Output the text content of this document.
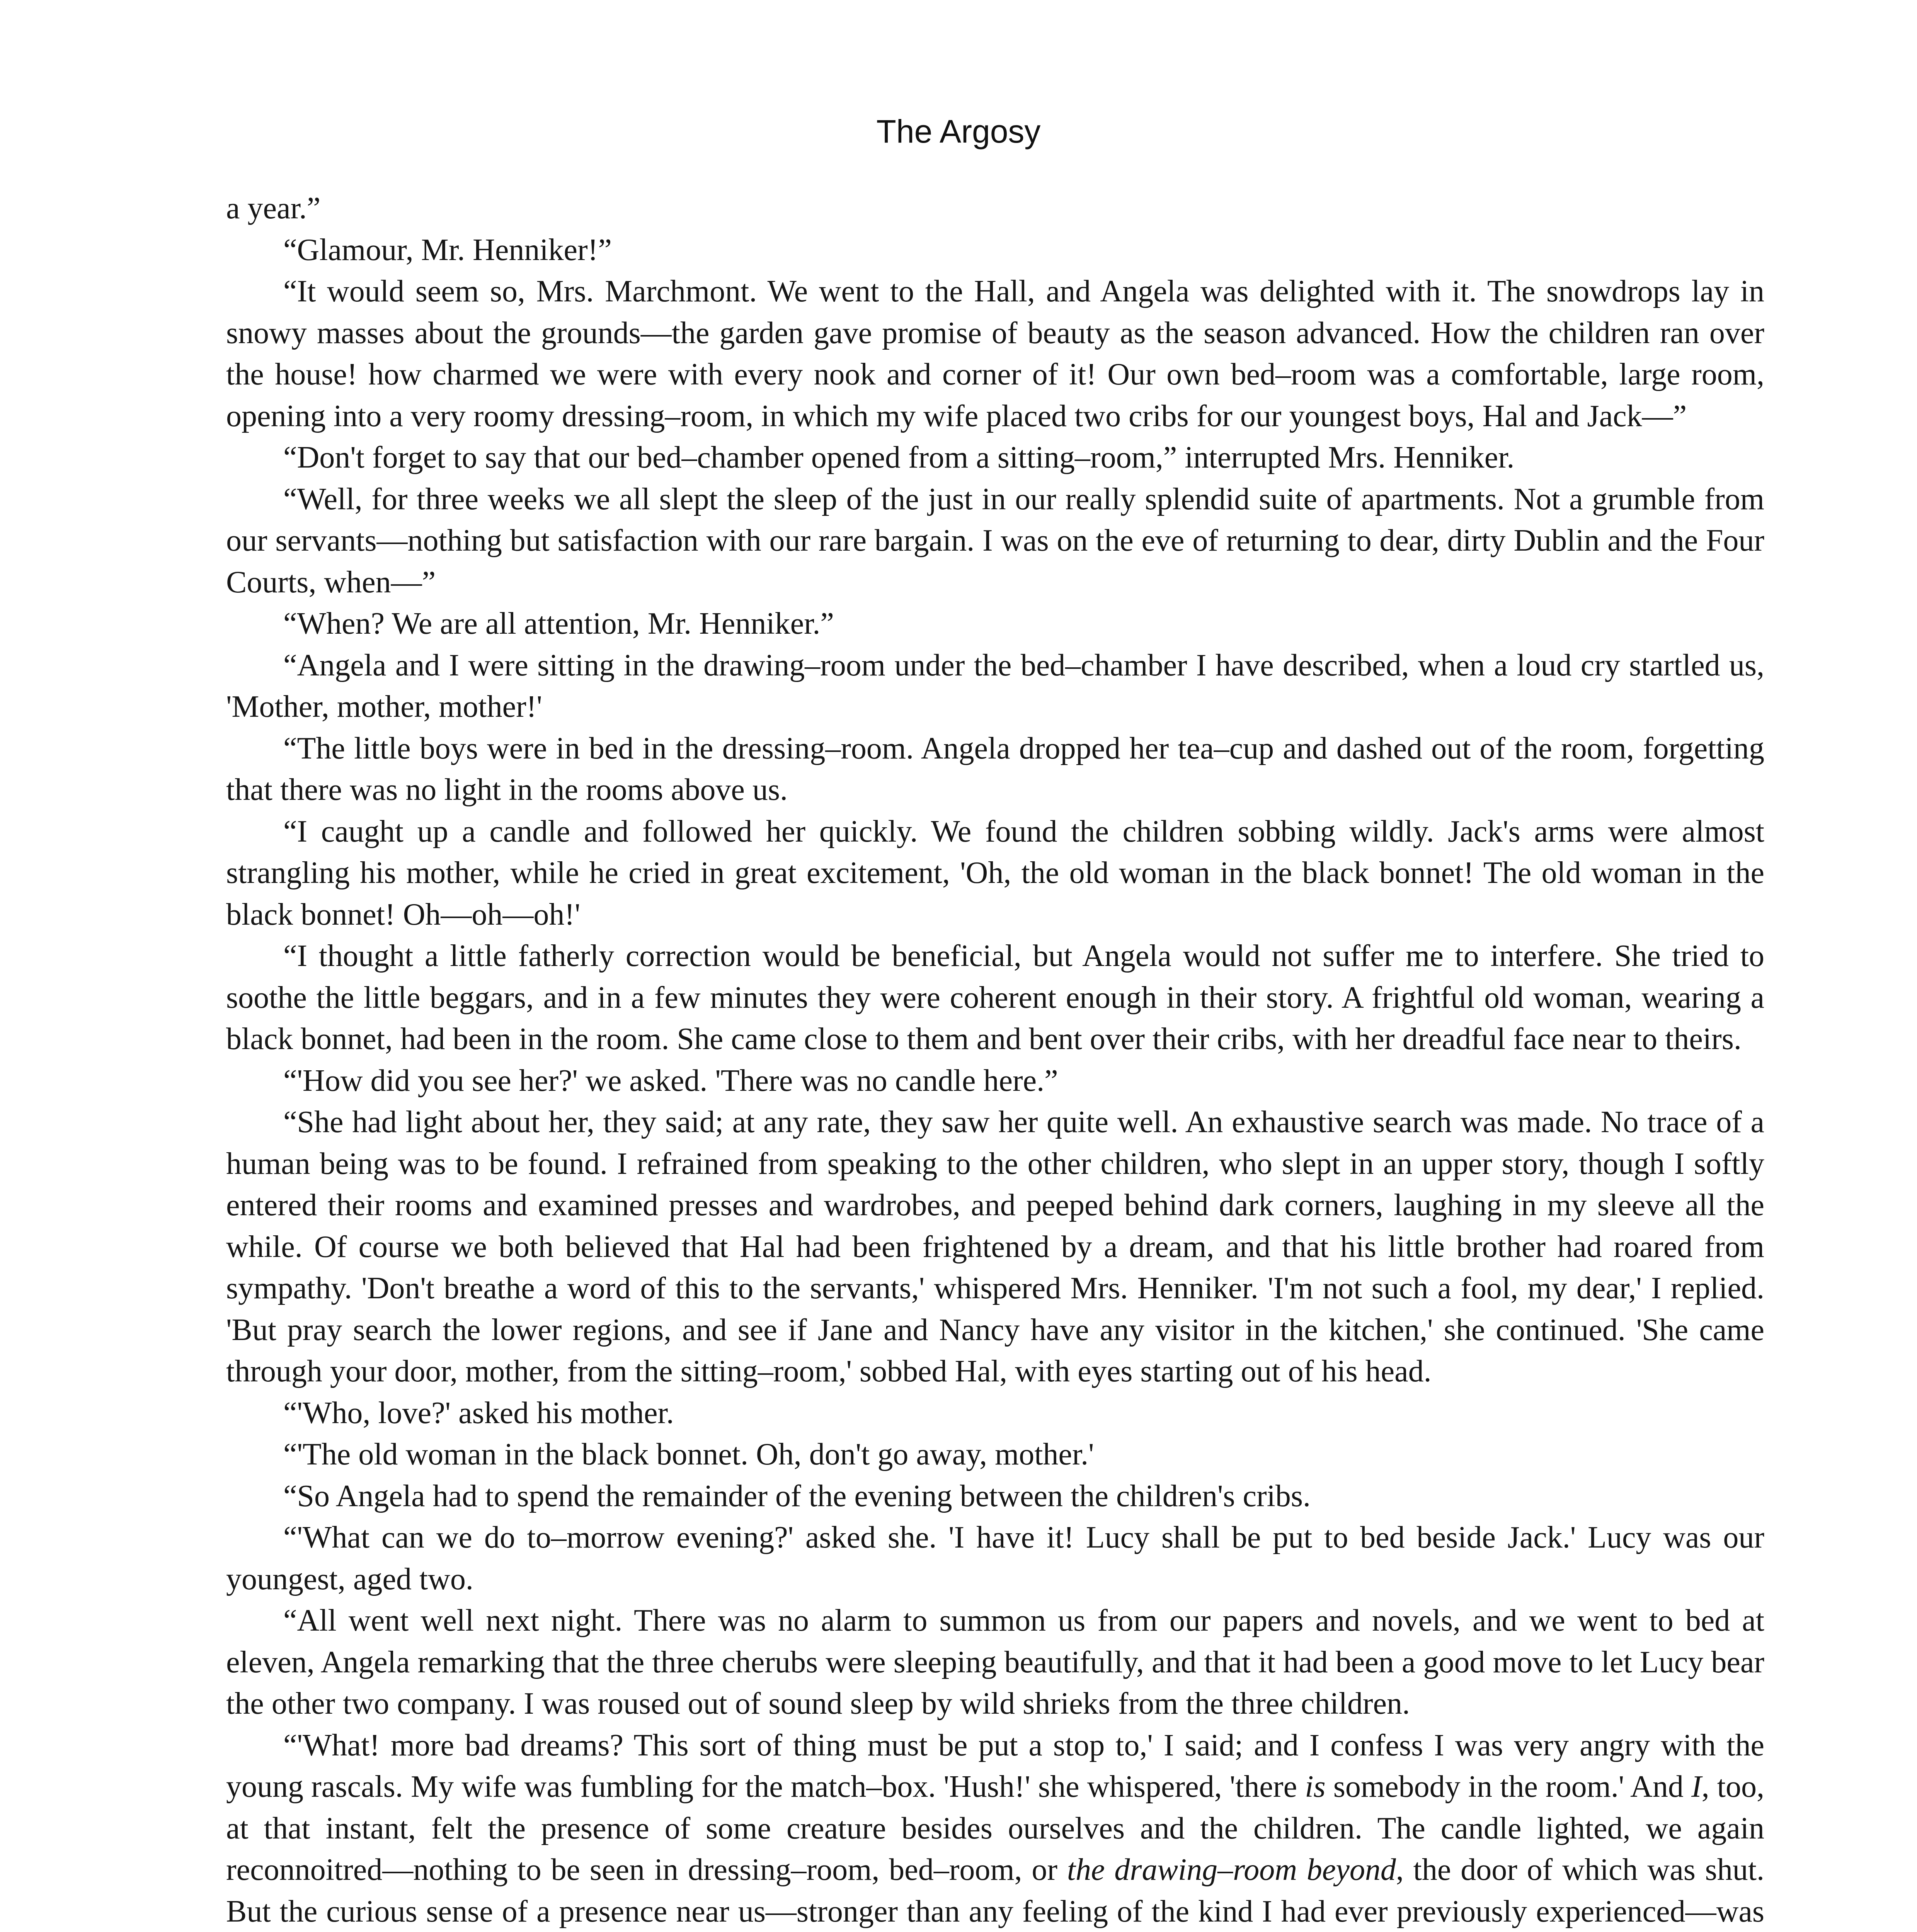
The Argosy

a year.”

“Glamour, Mr. Henniker!”

“It would seem so, Mrs. Marchmont. We went to the Hall, and Angela was delighted with it. The snowdrops lay in snowy masses about the grounds—the garden gave promise of beauty as the season advanced. How the children ran over the house! how charmed we were with every nook and corner of it! Our own bed–room was a comfortable, large room, opening into a very roomy dressing–room, in which my wife placed two cribs for our youngest boys, Hal and Jack—”

“Don't forget to say that our bed–chamber opened from a sitting–room,” interrupted Mrs. Henniker.

“Well, for three weeks we all slept the sleep of the just in our really splendid suite of apartments. Not a grumble from our servants—nothing but satisfaction with our rare bargain. I was on the eve of returning to dear, dirty Dublin and the Four Courts, when—”

“When? We are all attention, Mr. Henniker.”

“Angela and I were sitting in the drawing–room under the bed–chamber I have described, when a loud cry startled us, 'Mother, mother, mother!'

“The little boys were in bed in the dressing–room. Angela dropped her tea–cup and dashed out of the room, forgetting that there was no light in the rooms above us.

“I caught up a candle and followed her quickly. We found the children sobbing wildly. Jack's arms were almost strangling his mother, while he cried in great excitement, 'Oh, the old woman in the black bonnet! The old woman in the black bonnet! Oh—oh—oh!'

“I thought a little fatherly correction would be beneficial, but Angela would not suffer me to interfere. She tried to soothe the little beggars, and in a few minutes they were coherent enough in their story. A frightful old woman, wearing a black bonnet, had been in the room. She came close to them and bent over their cribs, with her dreadful face near to theirs.

“'How did you see her?' we asked. 'There was no candle here.”

“She had light about her, they said; at any rate, they saw her quite well. An exhaustive search was made. No trace of a human being was to be found. I refrained from speaking to the other children, who slept in an upper story, though I softly entered their rooms and examined presses and wardrobes, and peeped behind dark corners, laughing in my sleeve all the while. Of course we both believed that Hal had been frightened by a dream, and that his little brother had roared from sympathy. 'Don't breathe a word of this to the servants,' whispered Mrs. Henniker. 'I'm not such a fool, my dear,' I replied. 'But pray search the lower regions, and see if Jane and Nancy have any visitor in the kitchen,' she continued. 'She came through your door, mother, from the sitting–room,' sobbed Hal, with eyes starting out of his head.

“'Who, love?' asked his mother.

“'The old woman in the black bonnet. Oh, don't go away, mother.'

“So Angela had to spend the remainder of the evening between the children's cribs.

“'What can we do to–morrow evening?' asked she. 'I have it! Lucy shall be put to bed beside Jack.' Lucy was our youngest, aged two.

“All went well next night. There was no alarm to summon us from our papers and novels, and we went to bed at eleven, Angela remarking that the three cherubs were sleeping beautifully, and that it had been a good move to let Lucy bear the other two company. I was roused out of sound sleep by wild shrieks from the three children.

“'What! more bad dreams? This sort of thing must be put a stop to,' I said; and I confess I was very angry with the young rascals. My wife was fumbling for the match–box. 'Hush!' she whispered, 'there is somebody in the room.' And I, too, at that instant, felt the presence of some creature besides ourselves and the children. The candle lighted, we again reconnoitred—nothing to be seen in dressing–room, bed–room, or the drawing–room beyond, the door of which was shut. But the curious sense of a presence near us—stronger than any feeling of the kind I had ever previously experienced—was
